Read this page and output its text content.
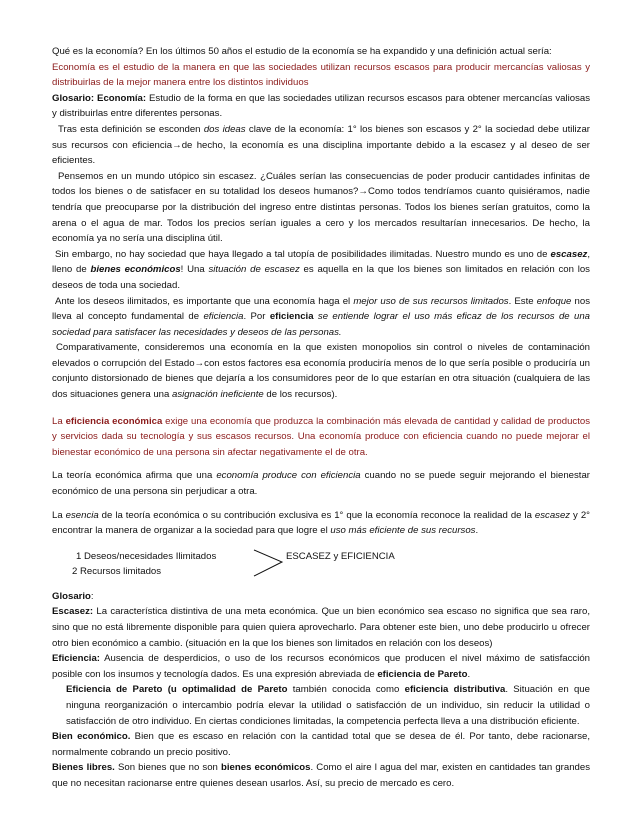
Qué es la economía? En los últimos 50 años el estudio de la economía se ha expandido y una definición actual sería:

Economía es el estudio de la manera en que las sociedades utilizan recursos escasos para producir mercancías valiosas y distribuirlas de la mejor manera entre los distintos individuos

Glosario: Economía: Estudio de la forma en que las sociedades utilizan recursos escasos para obtener mercancías valiosas y distribuirlas entre diferentes personas.

Tras esta definición se esconden dos ideas clave de la economía: 1° los bienes son escasos y 2° la sociedad debe utilizar sus recursos con eficiencia→de hecho, la economía es una disciplina importante debido a la escasez y al deseo de ser eficientes.

Pensemos en un mundo utópico sin escasez. ¿Cuáles serían las consecuencias de poder producir cantidades infinitas de todos los bienes o de satisfacer en su totalidad los deseos humanos?→Como todos tendríamos cuanto quisiéramos, nadie tendría que preocuparse por la distribución del ingreso entre distintas personas. Todos los bienes serían gratuitos, como la arena o el agua de mar. Todos los precios serían iguales a cero y los mercados resultarían innecesarios. De hecho, la economía ya no sería una disciplina útil.

Sin embargo, no hay sociedad que haya llegado a tal utopía de posibilidades ilimitadas. Nuestro mundo es uno de escasez, lleno de bienes económicos! Una situación de escasez es aquella en la que los bienes son limitados en relación con los deseos de toda una sociedad.

Ante los deseos ilimitados, es importante que una economía haga el mejor uso de sus recursos limitados. Este enfoque nos lleva al concepto fundamental de eficiencia. Por eficiencia se entiende lograr el uso más eficaz de los recursos de una sociedad para satisfacer las necesidades y deseos de las personas.

Comparativamente, consideremos una economía en la que existen monopolios sin control o niveles de contaminación elevados o corrupción del Estado→con estos factores esa economía produciría menos de lo que sería posible o produciría un conjunto distorsionado de bienes que dejaría a los consumidores peor de lo que estarían en otra situación (cualquiera de las dos situaciones genera una asignación ineficiente de los recursos).

La eficiencia económica exige una economía que produzca la combinación más elevada de cantidad y calidad de productos y servicios dada su tecnología y sus escasos recursos. Una economía produce con eficiencia cuando no puede mejorar el bienestar económico de una persona sin afectar negativamente el de otra.

La teoría económica afirma que una economía produce con eficiencia cuando no se puede seguir mejorando el bienestar económico de una persona sin perjudicar a otra.

La esencia de la teoría económica o su contribución exclusiva es 1° que la economía reconoce la realidad de la escasez y 2° encontrar la manera de organizar a la sociedad para que logre el uso más eficiente de sus recursos.

1 Deseos/necesidades Ilimitados
2 Recursos limitados
ESCASEZ y EFICIENCIA

Glosario:

Escasez: La característica distintiva de una meta económica. Que un bien económico sea escaso no significa que sea raro, sino que no está libremente disponible para quien quiera aprovecharlo. Para obtener este bien, uno debe producirlo u ofrecer otro bien económico a cambio. (situación en la que los bienes son limitados en relación con los deseos)

Eficiencia: Ausencia de desperdicios, o uso de los recursos económicos que producen el nivel máximo de satisfacción posible con los insumos y tecnología dados. Es una expresión abreviada de eficiencia de Pareto.

Eficiencia de Pareto (u optimalidad de Pareto también conocida como eficiencia distributiva. Situación en que ninguna reorganización o intercambio podría elevar la utilidad o satisfacción de un individuo, sin reducir la utilidad o satisfacción de otro individuo. En ciertas condiciones limitadas, la competencia perfecta lleva a una distribución eficiente.

Bien económico. Bien que es escaso en relación con la cantidad total que se desea de él. Por tanto, debe racionarse, normalmente cobrando un precio positivo.

Bienes libres. Son bienes que no son bienes económicos. Como el aire l agua del mar, existen en cantidades tan grandes que no necesitan racionarse entre quienes desean usarlos. Así, su precio de mercado es cero.
